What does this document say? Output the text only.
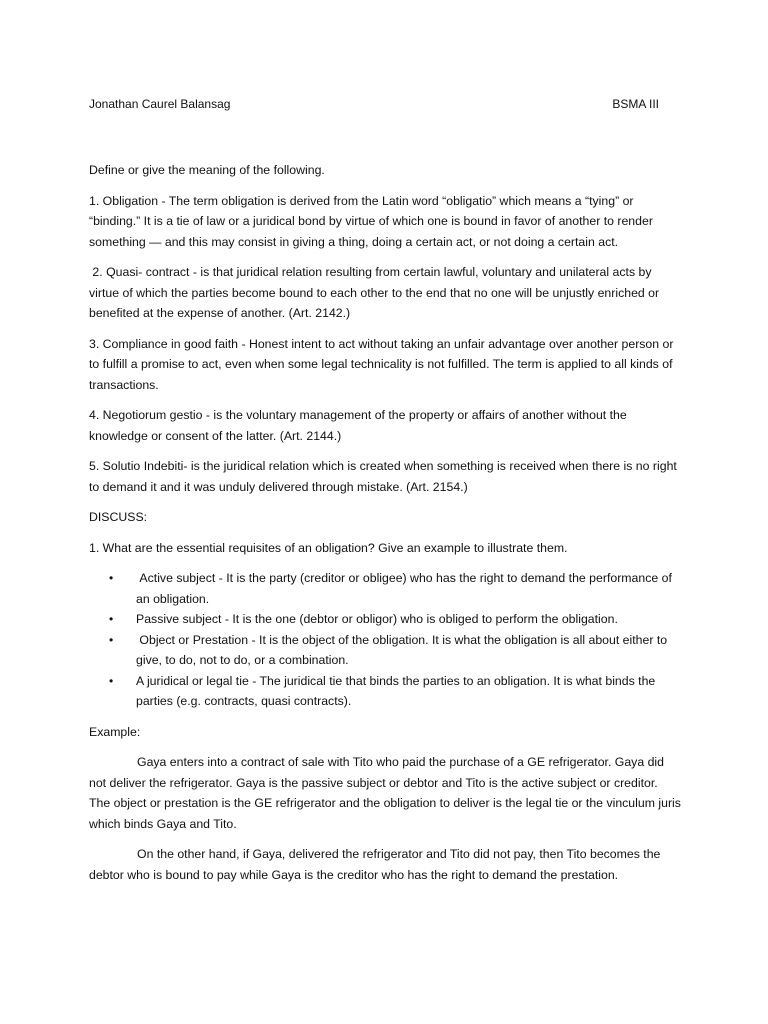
Jonathan Caurel Balansag	BSMA III

Define or give the meaning of the following.

1. Obligation - The term obligation is derived from the Latin word “obligatio” which means a “tying” or “binding.” It is a tie of law or a juridical bond by virtue of which one is bound in favor of another to render something — and this may consist in giving a thing, doing a certain act, or not doing a certain act.

2. Quasi- contract - is that juridical relation resulting from certain lawful, voluntary and unilateral acts by virtue of which the parties become bound to each other to the end that no one will be unjustly enriched or benefited at the expense of another. (Art. 2142.)

3. Compliance in good faith - Honest intent to act without taking an unfair advantage over another person or to fulfill a promise to act, even when some legal technicality is not fulfilled. The term is applied to all kinds of transactions.

4. Negotiorum gestio - is the voluntary management of the property or affairs of another without the knowledge or consent of the latter. (Art. 2144.)

5. Solutio Indebiti- is the juridical relation which is created when something is received when there is no right to demand it and it was unduly delivered through mistake. (Art. 2154.)

DISCUSS:

1. What are the essential requisites of an obligation? Give an example to illustrate them.

• Active subject - It is the party (creditor or obligee) who has the right to demand the performance of an obligation.
• Passive subject - It is the one (debtor or obligor) who is obliged to perform the obligation.
• Object or Prestation - It is the object of the obligation. It is what the obligation is all about either to give, to do, not to do, or a combination.
• A juridical or legal tie - The juridical tie that binds the parties to an obligation. It is what binds the parties (e.g. contracts, quasi contracts).

Example:

Gaya enters into a contract of sale with Tito who paid the purchase of a GE refrigerator. Gaya did not deliver the refrigerator. Gaya is the passive subject or debtor and Tito is the active subject or creditor. The object or prestation is the GE refrigerator and the obligation to deliver is the legal tie or the vinculum juris which binds Gaya and Tito.

On the other hand, if Gaya, delivered the refrigerator and Tito did not pay, then Tito becomes the debtor who is bound to pay while Gaya is the creditor who has the right to demand the prestation.
